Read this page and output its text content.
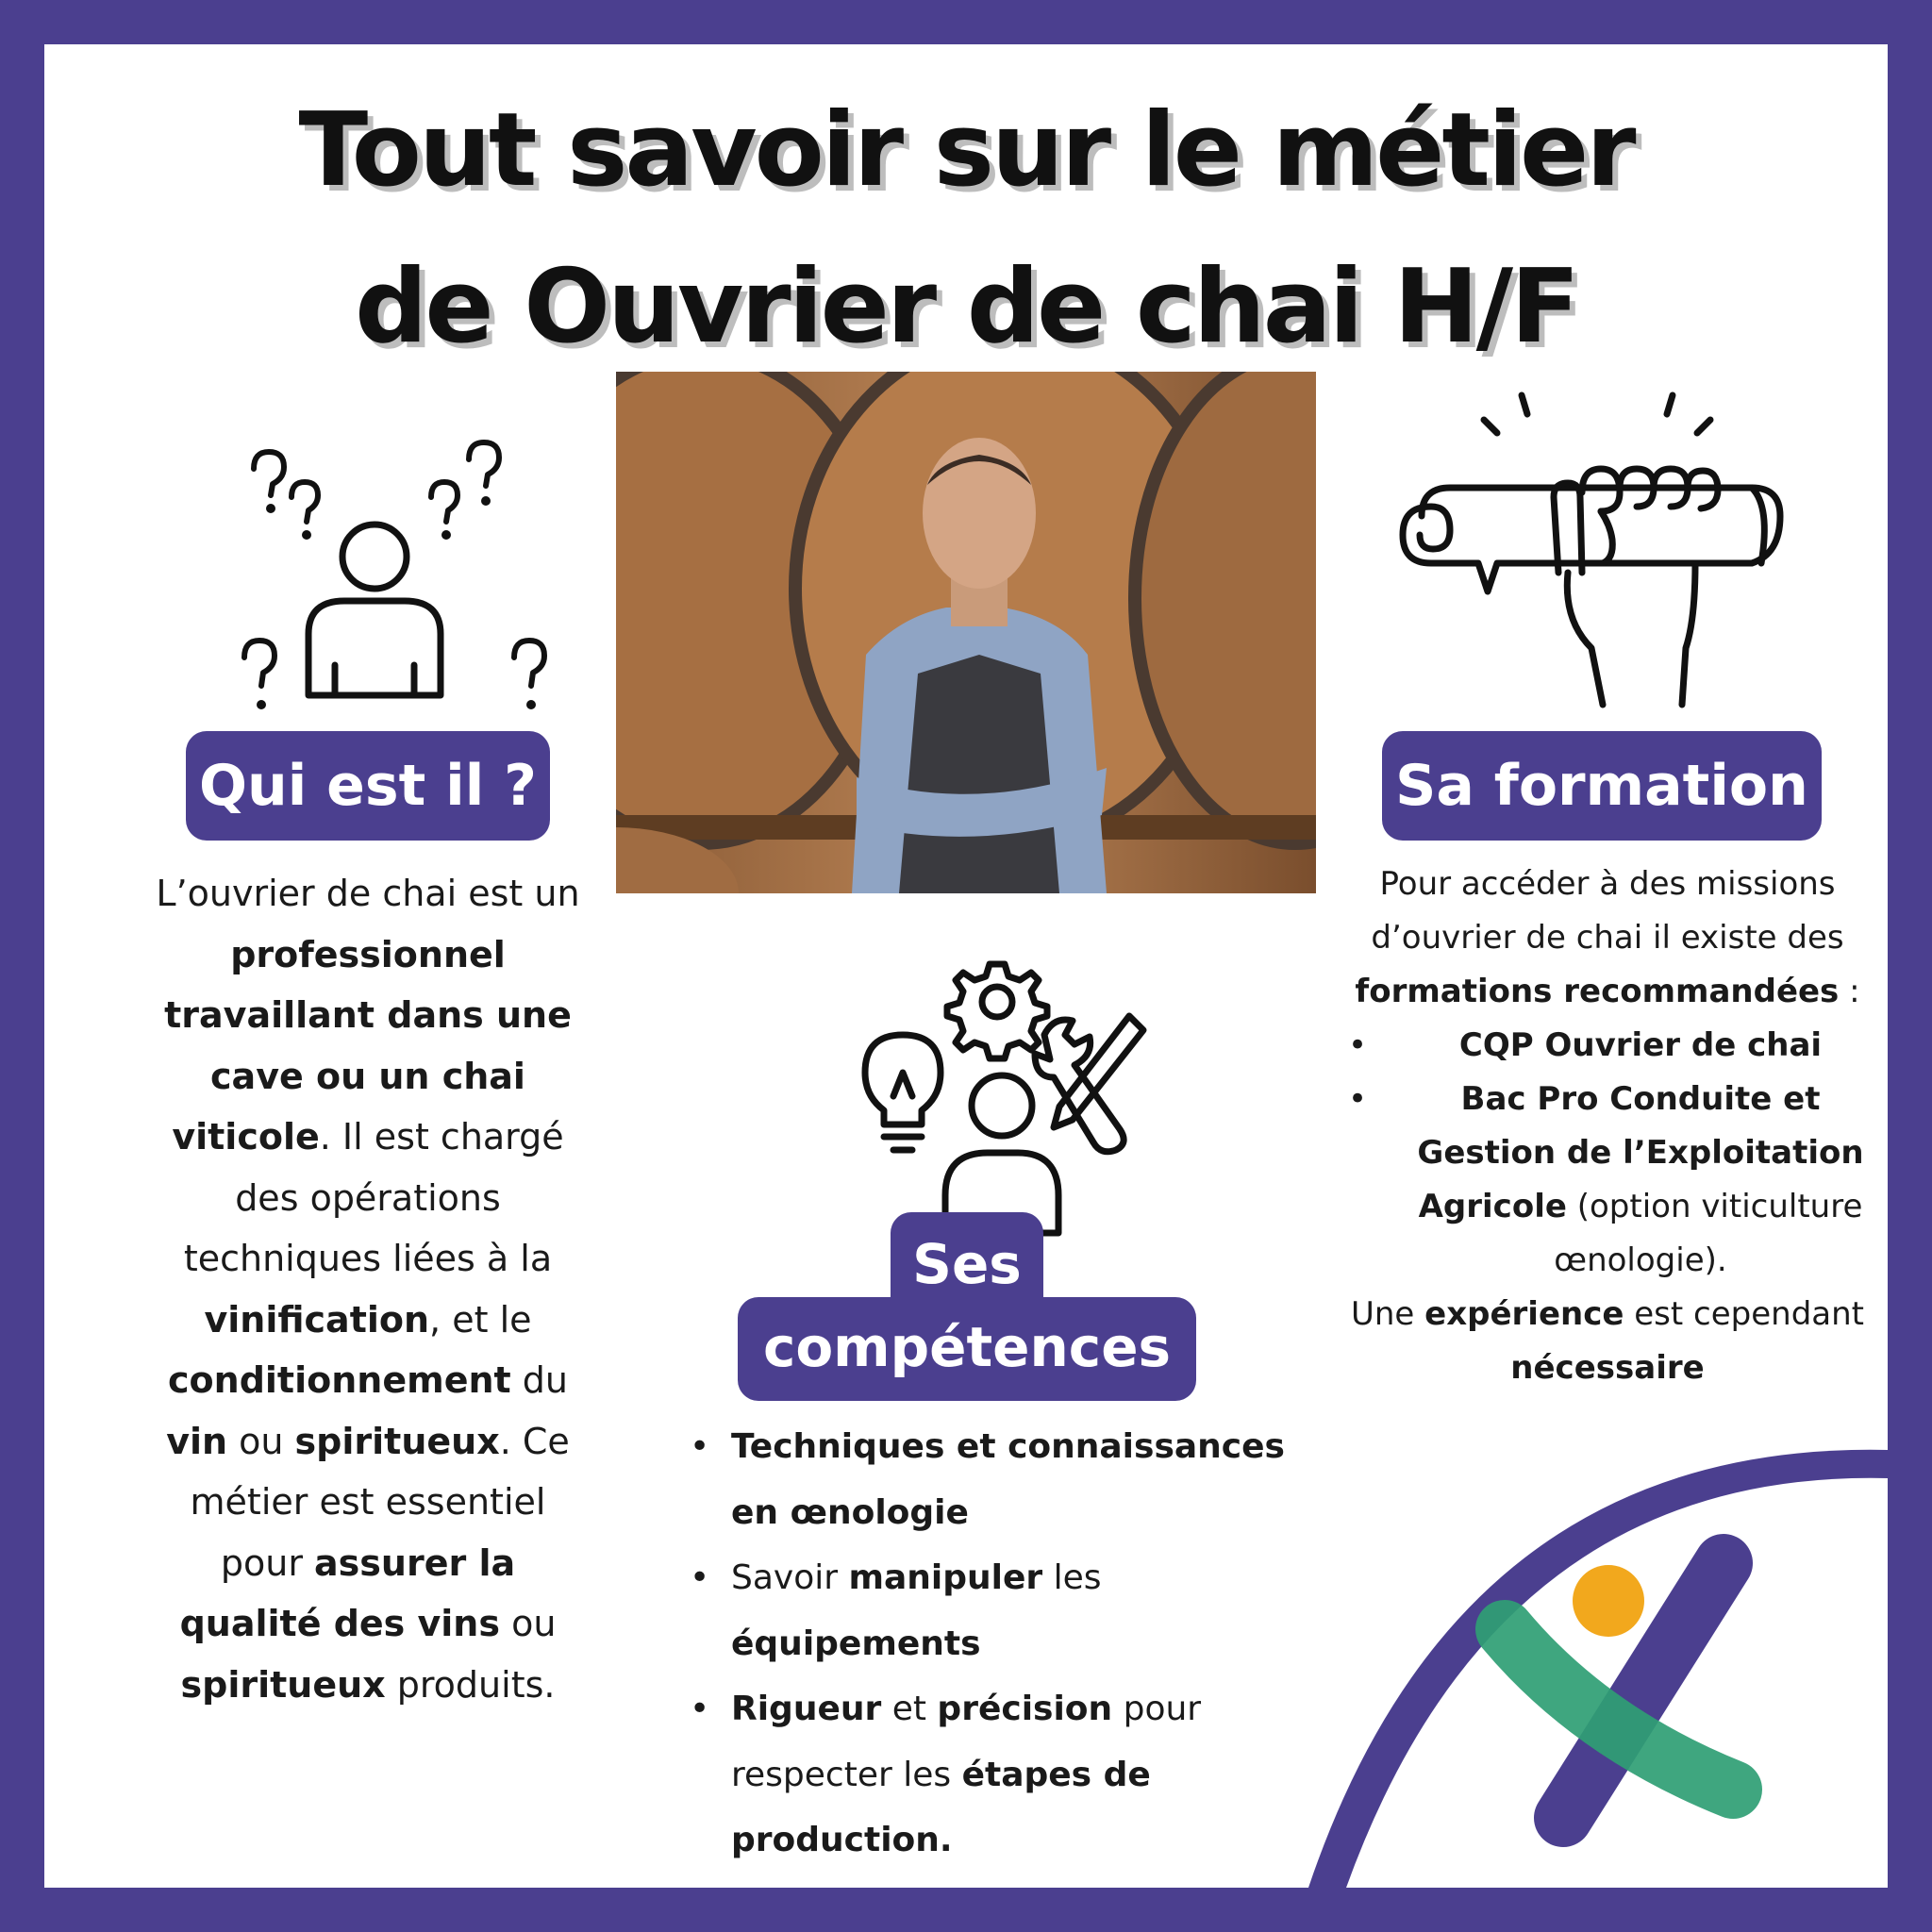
Tout savoir sur le métier
de Ouvrier de chai H/F
Qui est il ?	Sa formation
Ses
compétences

L’ouvrier de chai est un professionnel travaillant dans une cave ou un chai viticole. Il est chargé des opérations techniques liées à la vinification, et le conditionnement du vin ou spiritueux. Ce métier est essentiel pour assurer la qualité des vins ou spiritueux produits.

Pour accéder à des missions d’ouvrier de chai il existe des formations recommandées :
• CQP Ouvrier de chai
• Bac Pro Conduite et Gestion de l’Exploitation Agricole (option viticulture œnologie).
Une expérience est cependant nécessaire
• Techniques et connaissances en œnologie
• Savoir manipuler les équipements
• Rigueur et précision pour respecter les étapes de production.
